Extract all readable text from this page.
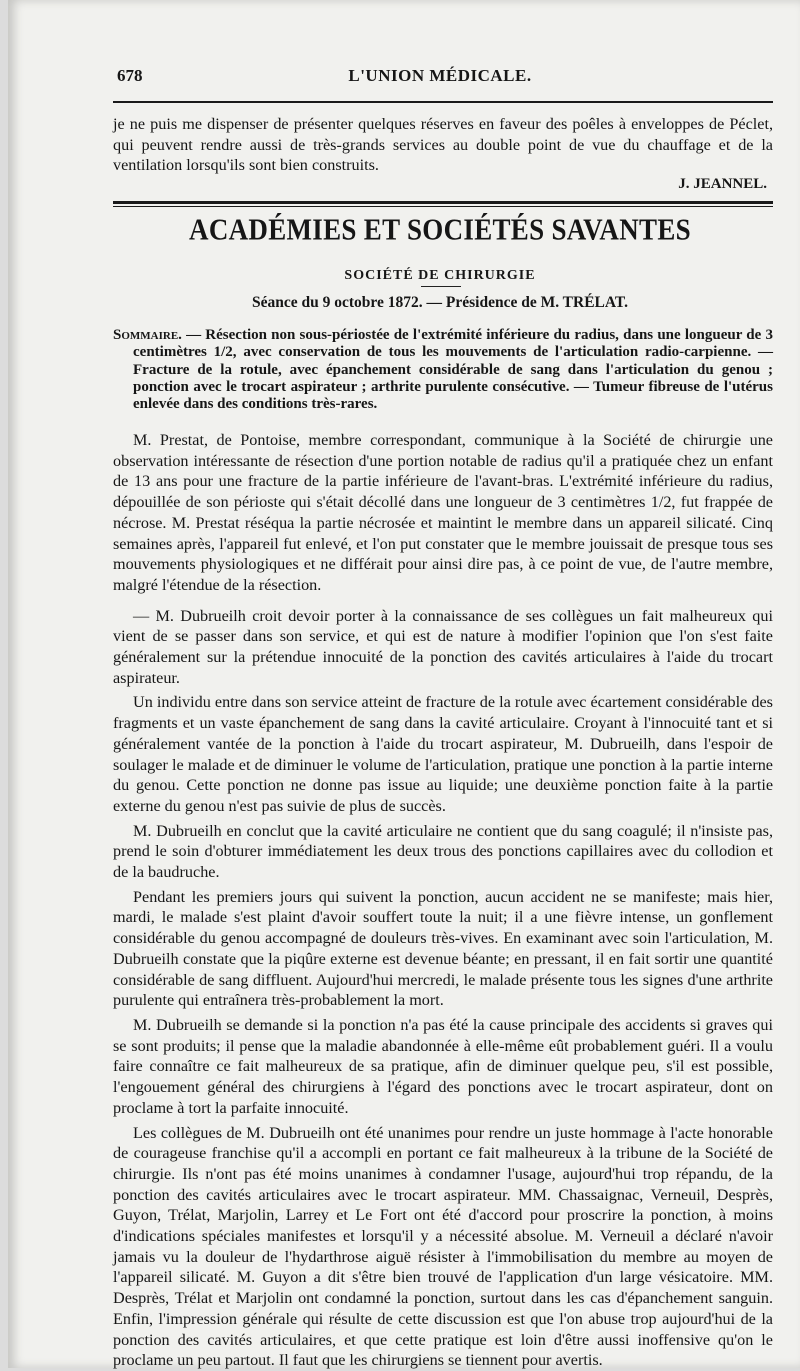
678	L'UNION MÉDICALE.

je ne puis me dispenser de présenter quelques réserves en faveur des poêles à enveloppes de Péclet, qui peuvent rendre aussi de très-grands services au double point de vue du chauffage et de la ventilation lorsqu'ils sont bien construits.

J. JEANNEL.

ACADÉMIES ET SOCIÉTÉS SAVANTES
SOCIÉTÉ DE CHIRURGIE
Séance du 9 octobre 1872. — Présidence de M. TRÉLAT.

Sommaire. — Résection non sous-périostée de l'extrémité inférieure du radius, dans une longueur de 3 centimètres 1/2, avec conservation de tous les mouvements de l'articulation radio-carpienne. — Fracture de la rotule, avec épanchement considérable de sang dans l'articulation du genou ; ponction avec le trocart aspirateur ; arthrite purulente consécutive. — Tumeur fibreuse de l'utérus enlevée dans des conditions très-rares.

M. Prestat, de Pontoise, membre correspondant, communique à la Société de chirurgie une observation intéressante de résection d'une portion notable de radius qu'il a pratiquée chez un enfant de 13 ans pour une fracture de la partie inférieure de l'avant-bras. L'extrémité inférieure du radius, dépouillée de son périoste qui s'était décollé dans une longueur de 3 centimètres 1/2, fut frappée de nécrose. M. Prestat réséqua la partie nécrosée et maintint le membre dans un appareil silicaté. Cinq semaines après, l'appareil fut enlevé, et l'on put constater que le membre jouissait de presque tous ses mouvements physiologiques et ne différait pour ainsi dire pas, à ce point de vue, de l'autre membre, malgré l'étendue de la résection.

— M. Dubrueilh croit devoir porter à la connaissance de ses collègues un fait malheureux qui vient de se passer dans son service, et qui est de nature à modifier l'opinion que l'on s'est faite généralement sur la prétendue innocuité de la ponction des cavités articulaires à l'aide du trocart aspirateur.

Un individu entre dans son service atteint de fracture de la rotule avec écartement considérable des fragments et un vaste épanchement de sang dans la cavité articulaire. Croyant à l'innocuité tant et si généralement vantée de la ponction à l'aide du trocart aspirateur, M. Dubrueilh, dans l'espoir de soulager le malade et de diminuer le volume de l'articulation, pratique une ponction à la partie interne du genou. Cette ponction ne donne pas issue au liquide; une deuxième ponction faite à la partie externe du genou n'est pas suivie de plus de succès.

M. Dubrueilh en conclut que la cavité articulaire ne contient que du sang coagulé; il n'insiste pas, prend le soin d'obturer immédiatement les deux trous des ponctions capillaires avec du collodion et de la baudruche.

Pendant les premiers jours qui suivent la ponction, aucun accident ne se manifeste; mais hier, mardi, le malade s'est plaint d'avoir souffert toute la nuit; il a une fièvre intense, un gonflement considérable du genou accompagné de douleurs très-vives. En examinant avec soin l'articulation, M. Dubrueilh constate que la piqûre externe est devenue béante; en pressant, il en fait sortir une quantité considérable de sang diffluent. Aujourd'hui mercredi, le malade présente tous les signes d'une arthrite purulente qui entraînera très-probablement la mort.

M. Dubrueilh se demande si la ponction n'a pas été la cause principale des accidents si graves qui se sont produits; il pense que la maladie abandonnée à elle-même eût probablement guéri. Il a voulu faire connaître ce fait malheureux de sa pratique, afin de diminuer quelque peu, s'il est possible, l'engouement général des chirurgiens à l'égard des ponctions avec le trocart aspirateur, dont on proclame à tort la parfaite innocuité.

Les collègues de M. Dubrueilh ont été unanimes pour rendre un juste hommage à l'acte honorable de courageuse franchise qu'il a accompli en portant ce fait malheureux à la tribune de la Société de chirurgie. Ils n'ont pas été moins unanimes à condamner l'usage, aujourd'hui trop répandu, de la ponction des cavités articulaires avec le trocart aspirateur. MM. Chassaignac, Verneuil, Desprès, Guyon, Trélat, Marjolin, Larrey et Le Fort ont été d'accord pour proscrire la ponction, à moins d'indications spéciales manifestes et lorsqu'il y a nécessité absolue. M. Verneuil a déclaré n'avoir jamais vu la douleur de l'hydarthrose aiguë résister à l'immobilisation du membre au moyen de l'appareil silicaté. M. Guyon a dit s'être bien trouvé de l'application d'un large vésicatoire. MM. Desprès, Trélat et Marjolin ont condamné la ponction, surtout dans les cas d'épanchement sanguin. Enfin, l'impression générale qui résulte de cette discussion est que l'on abuse trop aujourd'hui de la ponction des cavités articulaires, et que cette pratique est loin d'être aussi inoffensive qu'on le proclame un peu partout. Il faut que les chirurgiens se tiennent pour avertis.
